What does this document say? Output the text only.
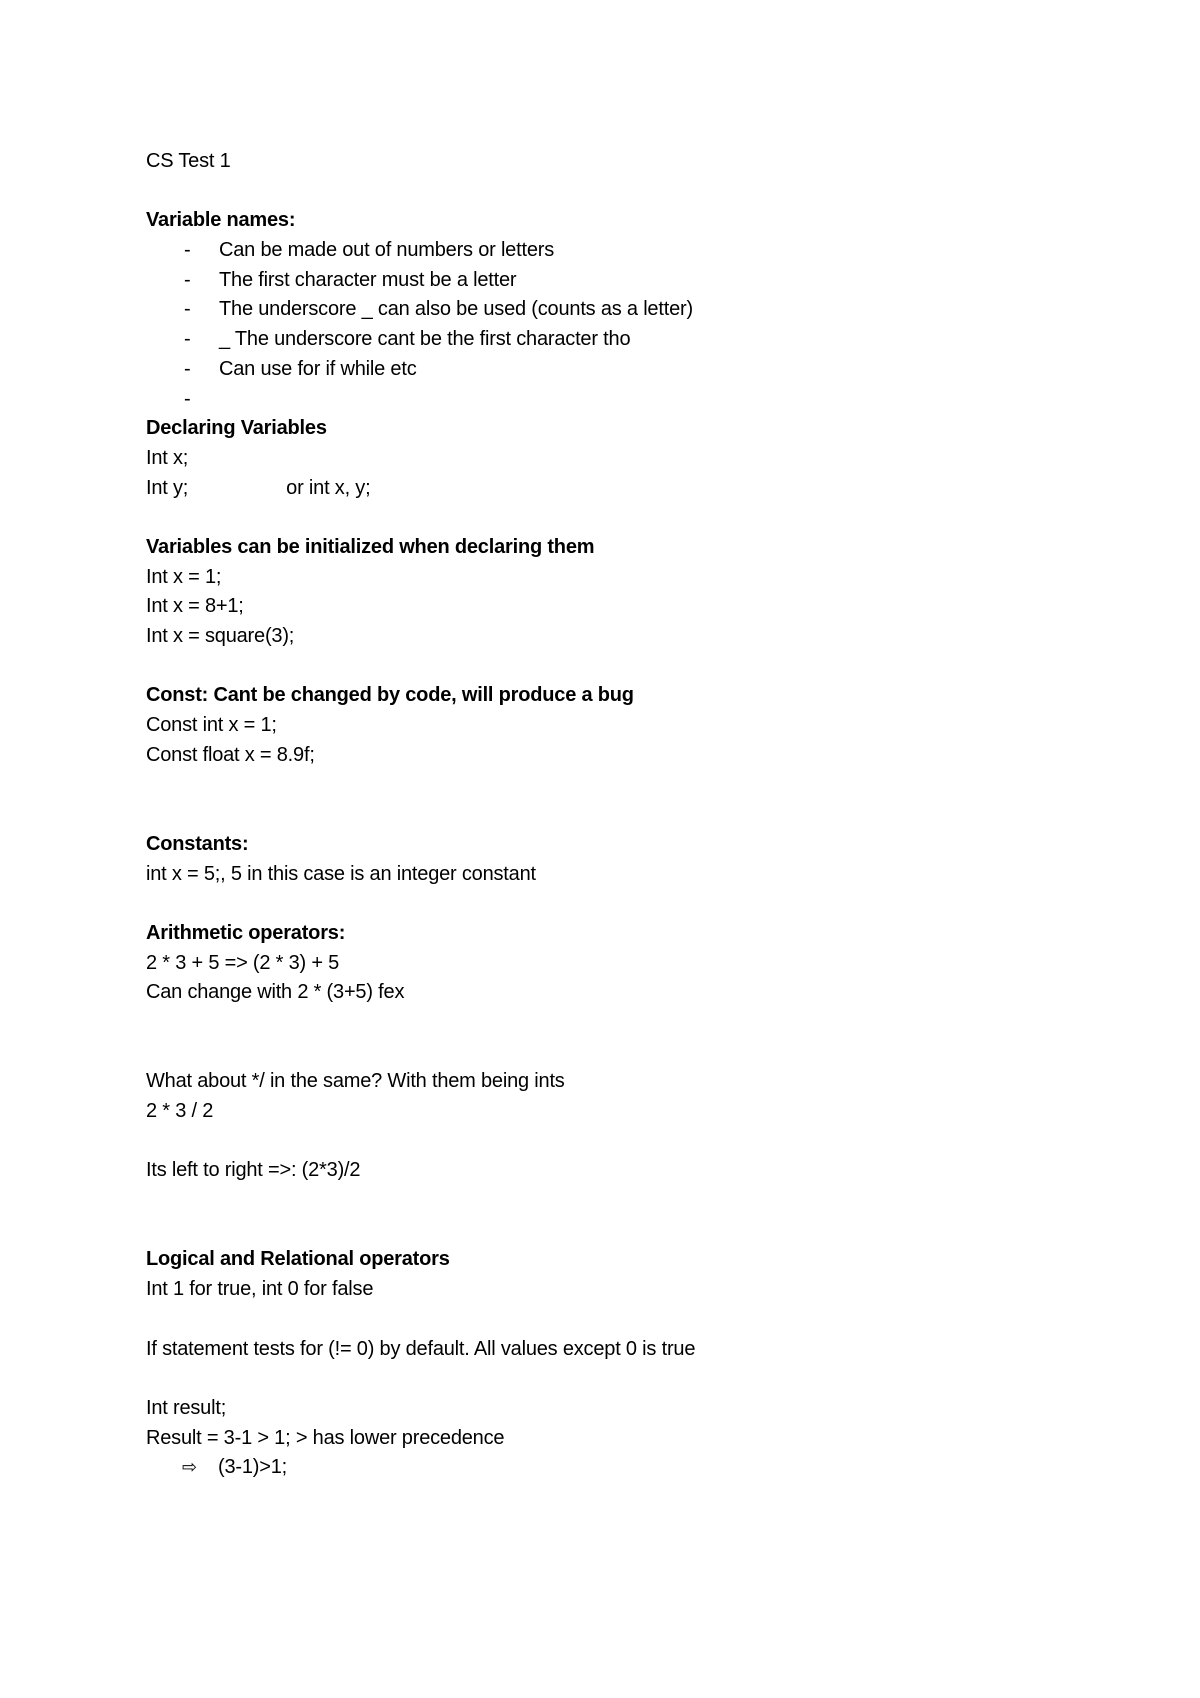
CS Test 1
Variable names:
- Can be made out of numbers or letters
- The first character must be a letter
- The underscore _ can also be used (counts as a letter)
- _ The underscore cant be the first character tho
- Can use for if while etc
-
Declaring Variables
Int x;
Int y;	or int x, y;
Variables can be initialized when declaring them
Int x = 1;
Int x = 8+1;
Int x = square(3);
Const: Cant be changed by code, will produce a bug
Const int x = 1;
Const float x = 8.9f;
Constants:
int x = 5;, 5 in this case is an integer constant
Arithmetic operators:
2 * 3 + 5 => (2 * 3) + 5
Can change with 2 * (3+5) fex
What about */ in the same? With them being ints
2 * 3 / 2
Its left to right =>: (2*3)/2
Logical and Relational operators
Int 1 for true, int 0 for false
If statement tests for (!= 0) by default. All values except 0 is true
Int result;
Result = 3-1 > 1; > has lower precedence
⇨ (3-1)>1;
